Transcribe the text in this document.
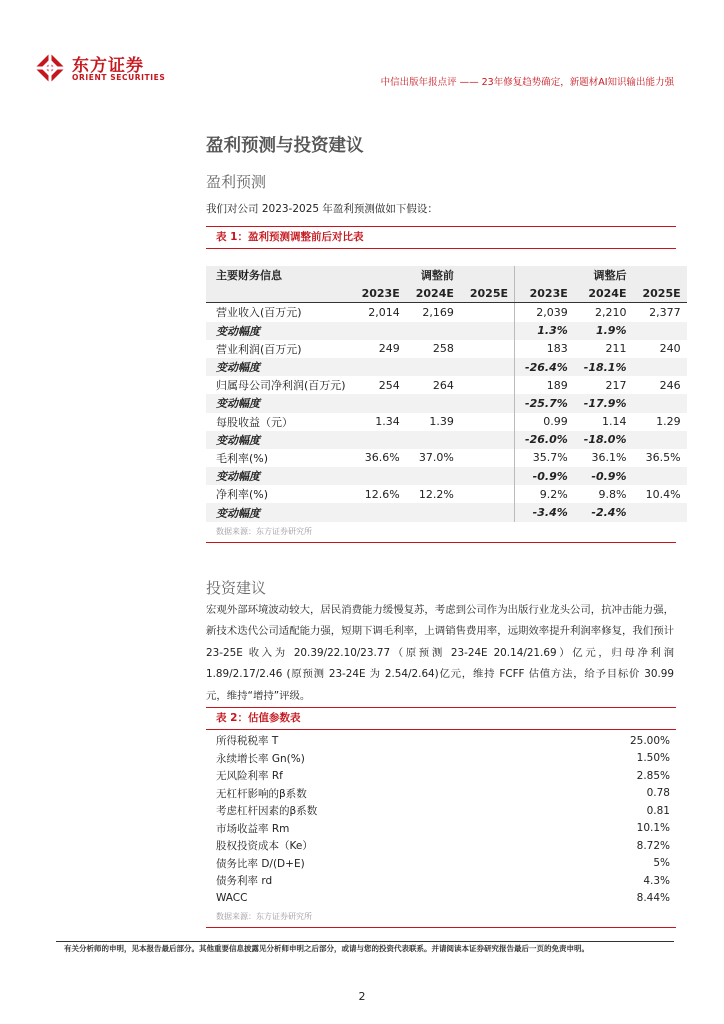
东方证券
ORIENT SECURITIES	中信出版年报点评 —— 23年修复趋势确定，新题材AI知识输出能力强
盈利预测与投资建议
盈利预测
我们对公司 2023-2025 年盈利预测做如下假设：
表 1：盈利预测调整前后对比表
主要财务信息		调整前			调整后	
	2023E	2024E	2025E	2023E	2024E	2025E
营业收入(百万元)	2,014	2,169		2,039	2,210	2,377
变动幅度				1.3%	1.9%	
营业利润(百万元)	249	258		183	211	240
变动幅度				-26.4%	-18.1%	
归属母公司净利润(百万元)	254	264		189	217	246
变动幅度				-25.7%	-17.9%	
每股收益（元）	1.34	1.39		0.99	1.14	1.29
变动幅度				-26.0%	-18.0%	
毛利率(%)	36.6%	37.0%		35.7%	36.1%	36.5%
变动幅度				-0.9%	-0.9%	
净利率(%)	12.6%	12.2%		9.2%	9.8%	10.4%
变动幅度				-3.4%	-2.4%	
数据来源：东方证券研究所
投资建议
宏观外部环境波动较大，居民消费能力缓慢复苏，考虑到公司作为出版行业龙头公司，抗冲击能力强，新技术迭代公司适配能力强，短期下调毛利率，上调销售费用率，远期效率提升利润率修复，我们预计 23-25E 收入为 20.39/22.10/23.77（原预测 23-24E 20.14/21.69）亿元，归母净利润 1.89/2.17/2.46 (原预测 23-24E 为 2.54/2.64)亿元，维持 FCFF 估值方法，给予目标价 30.99 元，维持“增持”评级。
表 2：估值参数表
所得税税率 T	25.00%
永续增长率 Gn(%)	1.50%
无风险利率 Rf	2.85%
无杠杆影响的β系数	0.78
考虑杠杆因素的β系数	0.81
市场收益率 Rm	10.1%
股权投资成本（Ke）	8.72%
债务比率 D/(D+E)	5%
债务利率 rd	4.3%
WACC	8.44%
数据来源：东方证券研究所
有关分析师的申明，见本报告最后部分。其他重要信息披露见分析师申明之后部分，或请与您的投资代表联系。并请阅读本证券研究报告最后一页的免责申明。
2
